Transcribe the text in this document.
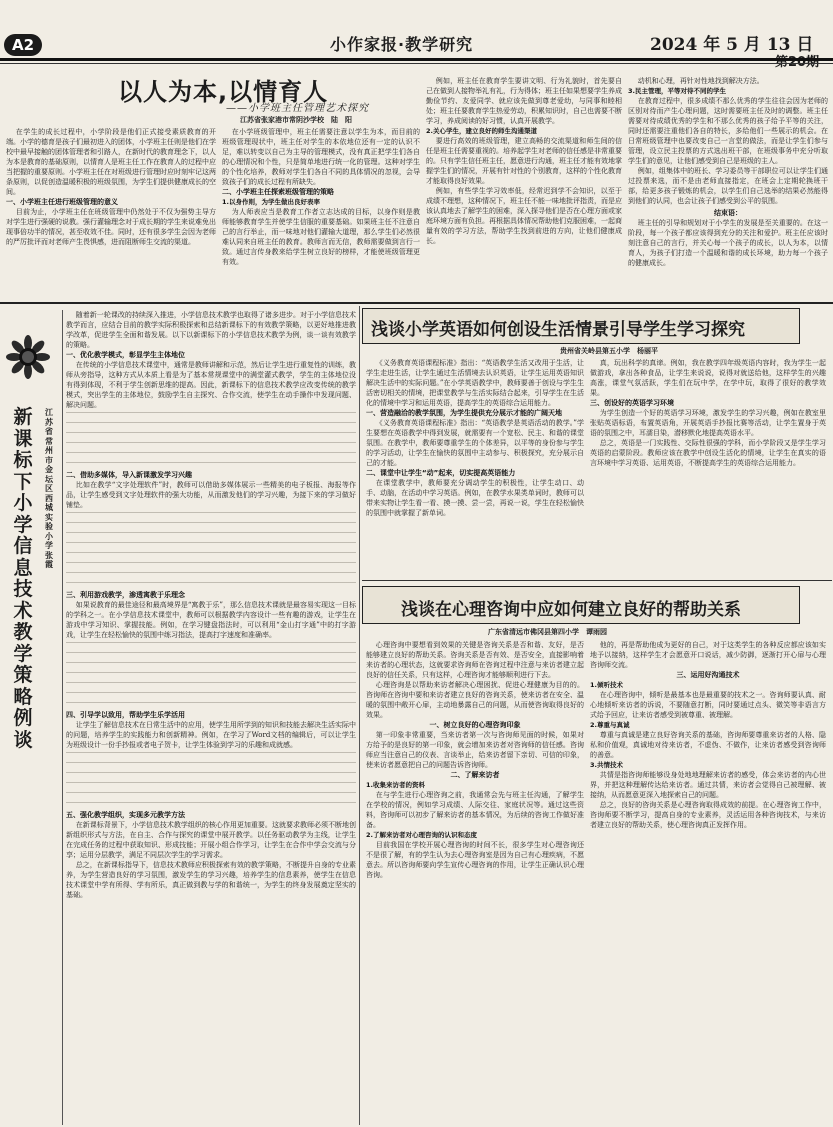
A2	小作家报·教学研究	2024 年 5 月 13 日
以人为本,以情育人
——小学班主任管理艺术探究
江苏省张家港市常阴沙学校　陆　阳
在学生的成长过程中，小学阶段是他们正式接受素质教育的开端。小学的德育是孩子们最初进入的团体，小学班主任则是他们在学校中最早接触的团体管理者和引路人，在新时代的教育理念下，以人为本是教育的基础原则，以情育人是班主任工作在教育人的过程中应当把握的重要原则。小学班主任在对班级进行管理时应时刻牢记这两条原则，以促创造温暖积极的班级氛围，为学生们提供健康成长的空间。
一、小学班主任进行班级管理的意义
目前为止，小学班主任在班级管理中仍然处于不仅为强势主导方对学生进行强硬的说教。强行灌输理念对于成长期的学生来说难免出现事倍功半的情况，甚至收效不佳。同时，还有很多学生会因为老师的严厉批评而对老师产生畏惧感，进而阻断师生交流的渠道。
在小学班级管理中，班主任需要注意以学生为本，而目前的班级管理现状中，班主任对学生的本依地位还有一定的认识不足，难以转变以自己为主导的管理模式，没有真正把学生们各自的心理情况和个性，只是简单地进行统一化的管理。这种对学生的个性化培养，教师对学生们各自不同的具体情况的忽视，会导致孩子们的成长过程有所缺失。
二、小学班主任探索班级管理的策略
1.以身作则，为学生做出良好表率
为人师表应当是教育工作者立志达成的目标，以身作则是教师能够教育学生并使学生信服的重要基础。如果班主任不注意自己的言行举止，而一味地对他们灌输大道理，那么学生们必然很难认同来自班主任的教育。教师言而无信，教师需要做到言行一致。通过言传身教来给学生树立良好的榜样，才能使班级管理更有效。
例如，班主任在教育学生要讲文明、行为礼貌时，首先要自己在做到人接物举礼有礼，行为得体；班主任如果想要学生养成勤俭节约、友爱同学、就应该先做到尊老爱幼，与同事和睦相处；班主任要教育学生热爱劳动，积累知识时，自己也需要不断学习，养成阅读的好习惯，认真开展教学。
2.关心学生，建立良好的师生沟通渠道
要进行高效的班级管理，建立高畅的交流渠道和师生间的信任是班主任需要重视的。培养起学生对老师的信任感是非常重要的。只有学生信任班主任，愿意进行沟通，班主任才能有效地掌握学生们的情况，开展有针对性的个别教育，这样的个性化教育才能取得良好效果。
例如，有些学生学习效率低，经常迟到学不会知识，以至于成绩不理想，这种情况下，班主任不能一味地批评指责，而是应该认真地去了解学生的困难，深入探寻他们是否在心理方面或家庭环境方面有负担。再根据具体情况帮助他们克服困难，一起商量有效的学习方法，帮助学生找到前进的方向，让他们健康成长。
动机和心理，再针对性地找到解决方法。
3.民主管理，平等对待不同的学生
在教育过程中，很多成绩不那么优秀的学生往往会因为老师的区别对待而产生心理问题，这时需要班主任及时的调整。班主任需要对待成绩优秀的学生和不那么优秀的孩子给予平等的关注，同时还需要注重他们各自的特长，多给他们一些展示的机会。在日常班级管理中也要改变自己一言堂的做法，而是让学生们参与管理，设立民主投票的方式选出班干部，在班级事务中充分听取学生们的意见，让他们感受到自己是班级的主人。
例如，组集体中的班长、学习委员等干部职位可以让学生们通过投票来选，而不是由老师直接指定，在班会上定期轮换班干部，给更多孩子锻炼的机会，以学生们自己选举的结果必然能得到他们的认同，也会让孩子们感受到公平的氛围。
结束语：
班主任的引导和规划对于小学生的发展是至关重要的。在这一阶段，每一个孩子都应该得到充分的关注和爱护。班主任应该时刻注意自己的言行，并关心每一个孩子的成长，以人为本，以情育人，为孩子们打造一个温暖和谐的成长环境，助力每一个孩子的健康成长。
新
课
标
下
小
学
信
息
技
术
教
学
策
略
例
谈
江
苏
省
常
州
市
金
坛
区
西
城
实
验
小
学
张
霞
随着新一轮课改的持续深入推进，小学信息技术教学也取得了诸多进步。对于小学信息技术教学而言，应结合目前的教学实际积极探索和总结新课标下的有效教学策略，以更好地推进教学改革，促进学生全面和谐发展。以下以新课标下的小学信息技术教学为例，谈一谈有效教学的策略。
一、优化教学模式，彰显学生主体地位
在传统的小学信息技术课堂中，通常是教师讲解和示范，然后让学生进行重复性的训练，教师从旁指导，这种方式从本质上看是为了基本常规课堂中的满堂灌式教学，学生的主体地位没有得到体现，不利于学生创新思维的提高。因此，新课标下的信息技术教学应改变传统的教学模式，突出学生的主体地位，鼓励学生自主探究、合作交流，使学生在动手操作中发现问题、解决问题。
二、借助多媒体，导入新课激发学习兴趣
比如在教学“文字处理软件”时，教师可以借助多媒体展示一些精美的电子板报、海报等作品，让学生感受到文字处理软件的强大功能，从而激发他们的学习兴趣，为接下来的学习做好铺垫。
三、利用游戏教学，渗透寓教于乐理念
如果说教育的最佳途径和最高境界是“寓教于乐”，那么信息技术课就是最容易实现这一目标的学科之一。在小学信息技术课堂中，教师可以根据教学内容设计一些有趣的游戏，让学生在游戏中学习知识、掌握技能。例如，在学习键盘指法时，可以利用“金山打字通”中的打字游戏，让学生在轻松愉快的氛围中练习指法，提高打字速度和准确率。
四、引导学以致用，帮助学生乐学活用
让学生了解信息技术在日常生活中的应用，使学生用所学到的知识和技能去解决生活实际中的问题，培养学生的实践能力和创新精神。例如，在学习了Word文档的编辑后，可以让学生为班级设计一份手抄报或者电子贺卡，让学生体验到学习的乐趣和成就感。
五、强化教学组织，实现多元教学方法
在新课标背景下，小学信息技术教学组织的核心作用更加重要。这就要求教师必须不断地创新组织形式与方法，在自主、合作与探究的课堂中展开教学。以任务驱动教学为主线，让学生在完成任务的过程中获取知识、形成技能；开展小组合作学习，让学生在合作中学会交流与分享；运用分层教学，满足不同层次学生的学习需求。
总之，在新课标指导下，信息技术教师应积极探索有效的教学策略，不断提升自身的专业素养，为学生营造良好的学习氛围，激发学生的学习兴趣，培养学生的信息素养，使学生在信息技术课堂中学有所得、学有所乐，真正做到教与学的和谐统一，为学生的终身发展奠定坚实的基础。
浅谈小学英语如何创设生活情景引导学生学习探究
贵州省关岭县第五小学　杨丽平
《义务教育英语课程标准》指出：“英语教学生活又改用于生活，让学生走进生活，让学生通过生活情境去认识英语，让学生运用英语知识解决生活中的实际问题。”在小学英语教学中，教师要善于创设与学生生活密切相关的情境，把课堂教学与生活实际结合起来，引导学生在生活化的情境中学习和运用英语，提高学生的英语综合运用能力。
一、营造融洽的教学氛围，为学生提供充分展示才能的广阔天地
《义务教育英语课程标准》指出：“英语教学是英语活动的教学。”学生要想在英语教学中得到发展，就需要有一个宽松、民主、和谐的课堂氛围。在教学中，教师要尊重学生的个体差异，以平等的身份参与学生的学习活动，让学生在愉快的氛围中主动参与、积极探究，充分展示自己的才能。
二、课堂中让学生“动”起来，切实提高英语能力
在课堂教学中，教师要充分调动学生的积极性，让学生动口、动手、动脑，在活动中学习英语。例如，在教学水果类单词时，教师可以带来实物让学生看一看、摸一摸、尝一尝，再说一说，学生在轻松愉快的氛围中就掌握了新单词。
真，玩出科学的真谛。例如，我在教学四年级英语内容时，我为学生一起做游戏，拿出各种食品，让学生来说说，说得对就送给他，这样学生的兴趣高涨，课堂气氛活跃，学生们在玩中学，在学中玩，取得了很好的教学效果。
三、创设好的英语学习环境
为学生创造一个好的英语学习环境，激发学生的学习兴趣，例如在教室里张贴英语标语，布置英语角，开展英语手抄报比赛等活动，让学生置身于英语的氛围之中，耳濡目染，潜移默化地提高英语水平。
总之，英语是一门实践性、交际性很强的学科，而小学阶段又是学生学习英语的启蒙阶段。教师应该在教学中创设生活化的情境，让学生在真实的语言环境中学习英语、运用英语，不断提高学生的英语综合运用能力。
浅谈在心理咨询中应如何建立良好的帮助关系
广东省清远市佛冈县第四小学　谭雨园
心理咨询中要想看到效果的关键是咨询关系是否和谐、友好，是否能够建立良好的帮助关系。咨询关系是否有效、是否安全，直接影响着来访者的心理状态，这就要求咨询师在咨询过程中注意与来访者建立起良好的信任关系，只有这样，心理咨询才能够顺利进行下去。
心理咨询是以帮助来访者解决心理困扰、促进心理健康为目的的。咨询师在咨询中要和来访者建立良好的咨询关系，使来访者在安全、温暖的氛围中敞开心扉，主动地暴露自己的问题，从而使咨询取得良好的效果。
一、树立良好的心理咨询印象
第一印象非常重要，当来访者第一次与咨询师见面的时候，如果对方给予的是良好的第一印象，就会增加来访者对咨询师的信任感。咨询师应当注意自己的仪表、言谈举止，给来访者留下亲切、可信的印象，使来访者愿意把自己的问题告诉咨询师。
二、了解来访者
1.收集来访者的资料
在与学生进行心理咨询之前，我通常会先与班主任沟通，了解学生在学校的情况，例如学习成绩、人际交往、家庭状况等。通过这些资料，咨询师可以初步了解来访者的基本情况，为后续的咨询工作做好准备。
2.了解来访者对心理咨询的认识和态度
目前我国在学校开展心理咨询的时间不长，很多学生对心理咨询还不是很了解，有的学生认为去心理咨询室是因为自己有心理疾病，不愿意去。所以咨询师要向学生宣传心理咨询的作用，让学生正确认识心理咨询。
他的，再是帮助他成为更好的自己，对于这类学生的各种反应都应该如实地予以接纳，这样学生才会愿意开口说话，减少防御，逐渐打开心扉与心理咨询师交流。
三、运用好沟通技术
1.倾听技术
在心理咨询中，倾听是最基本也是最重要的技术之一。咨询师要认真、耐心地倾听来访者的诉说，不要随意打断，同时要通过点头、微笑等非语言方式给予回应，让来访者感受到被尊重、被理解。
2.尊重与真诚
尊重与真诚是建立良好咨询关系的基础，咨询师要尊重来访者的人格、隐私和价值观，真诚地对待来访者，不虚伪、不做作，让来访者感受到咨询师的善意。
3.共情技术
共情是指咨询师能够设身处地地理解来访者的感受，体会来访者的内心世界，并把这种理解传达给来访者。通过共情，来访者会觉得自己被理解、被接纳，从而愿意更深入地探索自己的问题。
总之，良好的咨询关系是心理咨询取得成效的前提。在心理咨询工作中，咨询师要不断学习，提高自身的专业素养，灵活运用各种咨询技术，与来访者建立良好的帮助关系，使心理咨询真正发挥作用。
